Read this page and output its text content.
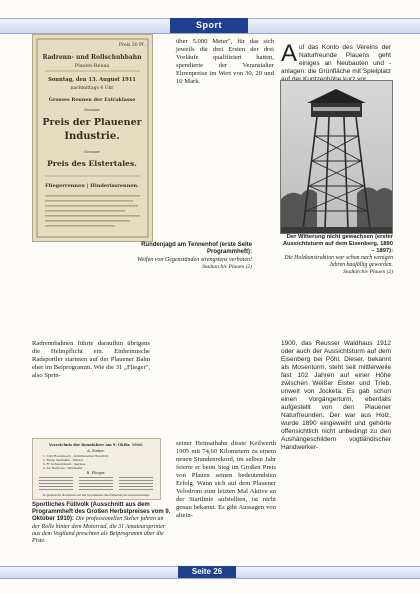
Sport
Preis 20 Pf.
Radrenn- und Rollschuhbahn
Plauen-Reusa
Sonntag, den 13. August 1911
nachmittags 4 Uhr
Grosses Rennen der Extraklasse
Grosser
Preis der Plauener
Industrie.
Grosser
Preis des Elstertales.
Fliegerrennen | Hinderissrennen.
Rundenjagd am Tennenhof (erste Seite Programmheft):
Weifen von Gegenständen strengstens verboten!
Stadtarchiv Plauen (2)
über 5.000 Meter", für das sich jeweils die drei Ersten der drei Vorläufe qualifiziert hatten, spendierte der Veranstalter Ehrenpreise im Wert von 30, 20 und 10 Mark.
A uf das Konto des Vereins der Naturfreunde Plauens geht einiges an Neubauten und -anlagen: die Grünfläche mit Spielplatz
Der Witterung nicht gewachsen (erster Aussichtsturm auf dem Eisenberg, 1890 – 1897):
Die Holzkonstruktion war schon nach wenigen Jahren baufällig geworden.
Stadtarchiv Plauen (2)
Radrennbahnen führte daraufhin übrigens die Helmpflicht ein. Einheimische Radsportler starteten auf der Plauener Bahn eher im Beiprogramm. Wie die 31 „Flieger", also Sprin-
1900, das Reusser Waldhaus 1912 oder auch der Aussichtsturm auf dem Eisenberg bei Pöhl. Dieser, bekannt als Mosenturm, steht seit mittlerweile fast 102 Jahren auf einer Höhe zwischen Weißer Elster und Trieb, unweit von Jocketa. Es gab schon einen Vorgängerturm, ebenfalls aufgestellt von den Plauener Naturfreunden. Der war aus Holz, wurde 1890 eingeweiht und gehörte offensichtlich nicht unbedingt zu den Aushängeschildern vogtländischer Handwerker-
Verzeichnis der Rennfahrer am 9. Oktbr. 1910.
A. Steher.
1. Curt Rosenbusch - Schrittmacher Hendrich.
2. Bruno Salzmann - Mindel.
3. Fr. Schwerzmann - Gaymes.
4. Ad. Bemrose - Wimmerkl.
B. Flieger.
Programme für die Rennen und den Sportplatzen ohne Einleitung der Gewerbebeiträge
Sportliches Füllvolk (Ausschnitt aus dem Programmheft des Großen Herbstpreises vom 9. Oktober 1910): Die professionellen Steher fahren an der Rolle hinter dem Motorrad, die 31 Amateursprinter aus dem Vogtland preschten als Beiprogramm über die Piste.
seiner Heimatbahn disste Keilwerth 1905 mit 74,60 Kilometern zu einem neuen Stundenrekord, im selben Jahr feierte er beim Sieg im Großen Preis von Plauen seinen bedeutendsten Erfolg. Wann sich auf dem Plauener Velodrom zum letzten Mal Aktive an der Startlinie aufstellten, ist nicht genau bekannt. Es gibt Aussagen von altein-
Seite 26
